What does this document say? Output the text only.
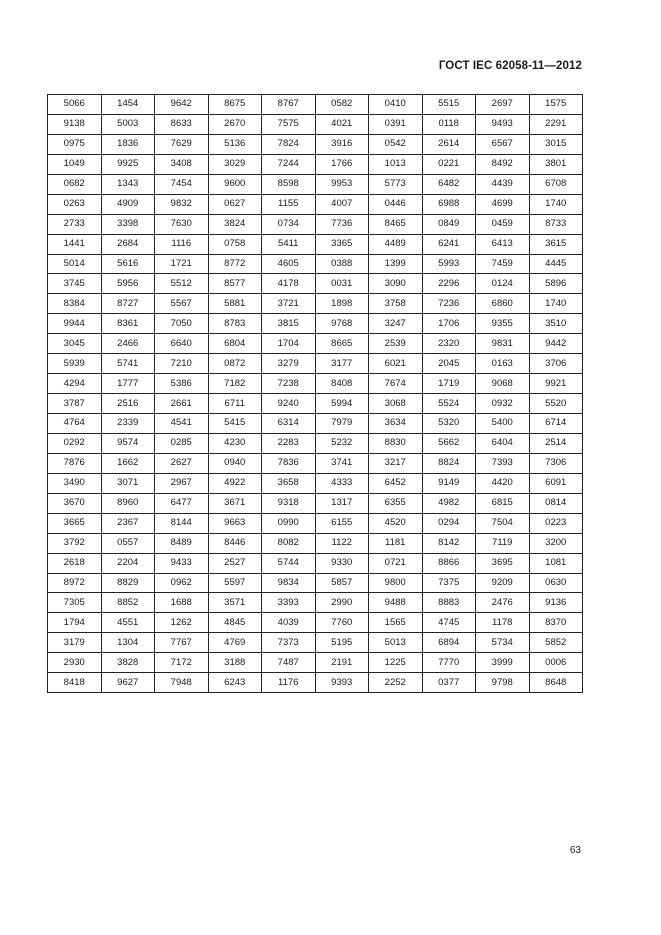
ГОСТ IEC 62058-11—2012
5066	1454	9642	8675	8767	0582	0410	5515	2697	1575
9138	5003	8633	2670	7575	4021	0391	0118	9493	2291
0975	1836	7629	5136	7824	3916	0542	2614	6567	3015
1049	9925	3408	3029	7244	1766	1013	0221	8492	3801
0682	1343	7454	9600	8598	9953	5773	6482	4439	6708
0263	4909	9832	0627	1155	4007	0446	6988	4699	1740
2733	3398	7630	3824	0734	7736	8465	0849	0459	8733
1441	2684	1116	0758	5411	3365	4489	6241	6413	3615
5014	5616	1721	8772	4605	0388	1399	5993	7459	4445
3745	5956	5512	8577	4178	0031	3090	2296	0124	5896
8384	8727	5567	5881	3721	1898	3758	7236	6860	1740
9944	8361	7050	8783	3815	9768	3247	1706	9355	3510
3045	2466	6640	6804	1704	8665	2539	2320	9831	9442
5939	5741	7210	0872	3279	3177	6021	2045	0163	3706
4294	1777	5386	7182	7238	8408	7674	1719	9068	9921
3787	2516	2661	6711	9240	5994	3068	5524	0932	5520
4764	2339	4541	5415	6314	7979	3634	5320	5400	6714
0292	9574	0285	4230	2283	5232	8830	5662	6404	2514
7876	1662	2627	0940	7836	3741	3217	8824	7393	7306
3490	3071	2967	4922	3658	4333	6452	9149	4420	6091
3670	8960	6477	3671	9318	1317	6355	4982	6815	0814
3665	2367	8144	9663	0990	6155	4520	0294	7504	0223
3792	0557	8489	8446	8082	1122	1181	8142	7119	3200
2618	2204	9433	2527	5744	9330	0721	8866	3695	1081
8972	8829	0962	5597	9834	5857	9800	7375	9209	0630
7305	8852	1688	3571	3393	2990	9488	8883	2476	9136
1794	4551	1262	4845	4039	7760	1565	4745	1178	8370
3179	1304	7767	4769	7373	5195	5013	6894	5734	5852
2930	3828	7172	3188	7487	2191	1225	7770	3999	0006
8418	9627	7948	6243	1176	9393	2252	0377	9798	8648
63
